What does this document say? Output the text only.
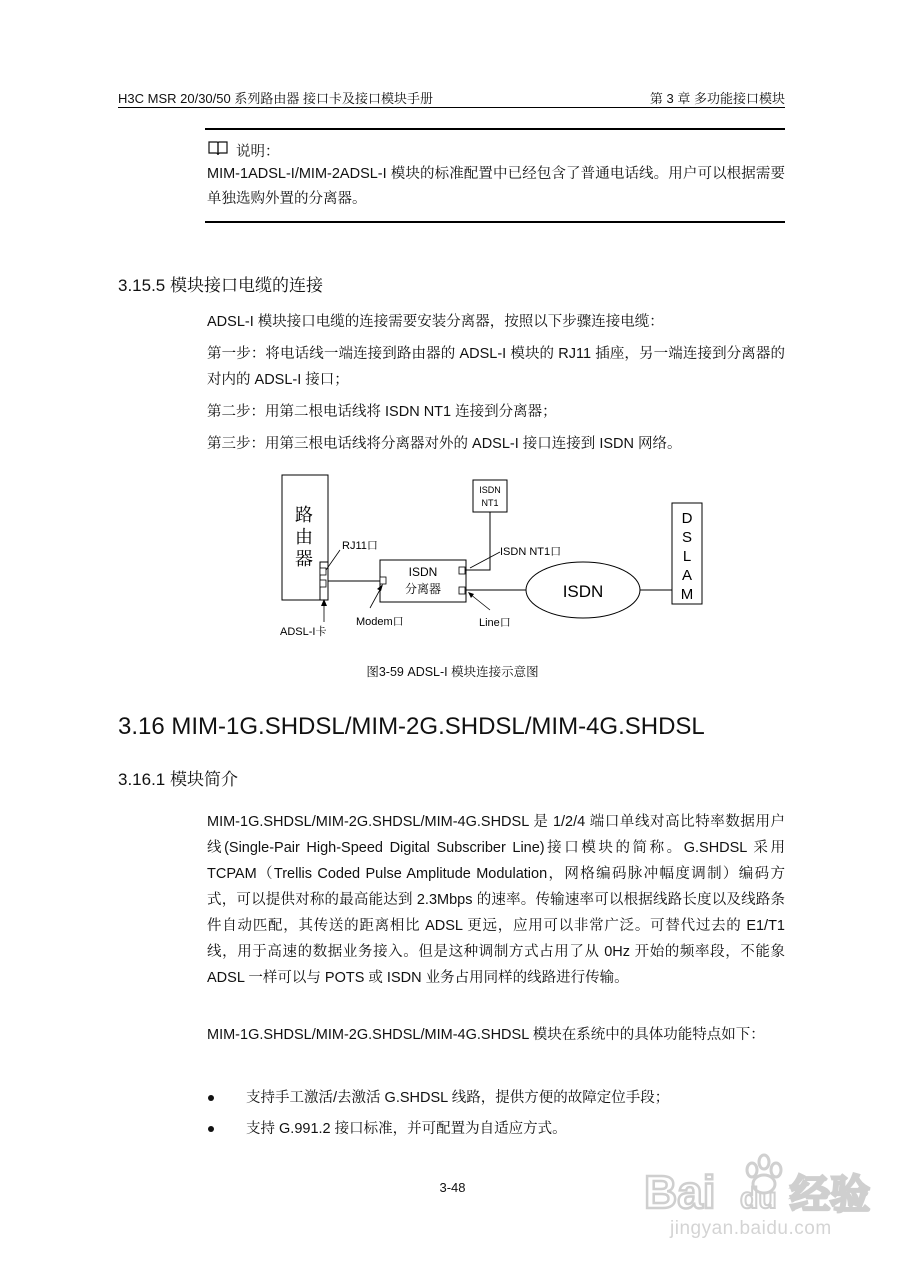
H3C MSR 20/30/50 系列路由器 接口卡及接口模块手册	第 3 章 多功能接口模块
说明：
MIM-1ADSL-I/MIM-2ADSL-I 模块的标准配置中已经包含了普通电话线。用户可以根据需要单独选购外置的分离器。
3.15.5 模块接口电缆的连接
ADSL-I 模块接口电缆的连接需要安装分离器，按照以下步骤连接电缆：
第一步：将电话线一端连接到路由器的 ADSL-I 模块的 RJ11 插座，另一端连接到分离器的对内的 ADSL-I 接口；
第二步：用第二根电话线将 ISDN NT1 连接到分离器；
第三步：用第三根电话线将分离器对外的 ADSL-I 接口连接到 ISDN 网络。
路
由
器
RJ11口
ADSL-I卡
ISDN
分离器
Modem口
ISDN
NT1
ISDN NT1口
Line口
ISDN
D
S
L
A
M
图3-59 ADSL-I 模块连接示意图
3.16 MIM-1G.SHDSL/MIM-2G.SHDSL/MIM-4G.SHDSL
3.16.1 模块简介
MIM-1G.SHDSL/MIM-2G.SHDSL/MIM-4G.SHDSL 是 1/2/4 端口单线对高比特率数据用户线(Single-Pair High-Speed Digital Subscriber Line)接口模块的简称。G.SHDSL 采用 TCPAM（Trellis Coded Pulse Amplitude Modulation，网格编码脉冲幅度调制）编码方式，可以提供对称的最高能达到 2.3Mbps 的速率。传输速率可以根据线路长度以及线路条件自动匹配，其传送的距离相比 ADSL 更远，应用可以非常广泛。可替代过去的 E1/T1 线，用于高速的数据业务接入。但是这种调制方式占用了从 0Hz 开始的频率段，不能象 ADSL 一样可以与 POTS 或 ISDN 业务占用同样的线路进行传输。
MIM-1G.SHDSL/MIM-2G.SHDSL/MIM-4G.SHDSL 模块在系统中的具体功能特点如下：
支持手工激活/去激活 G.SHDSL 线路，提供方便的故障定位手段；
支持 G.991.2 接口标准，并可配置为自适应方式。
3-48	Bai 经验
du
jingyan.baidu.com
